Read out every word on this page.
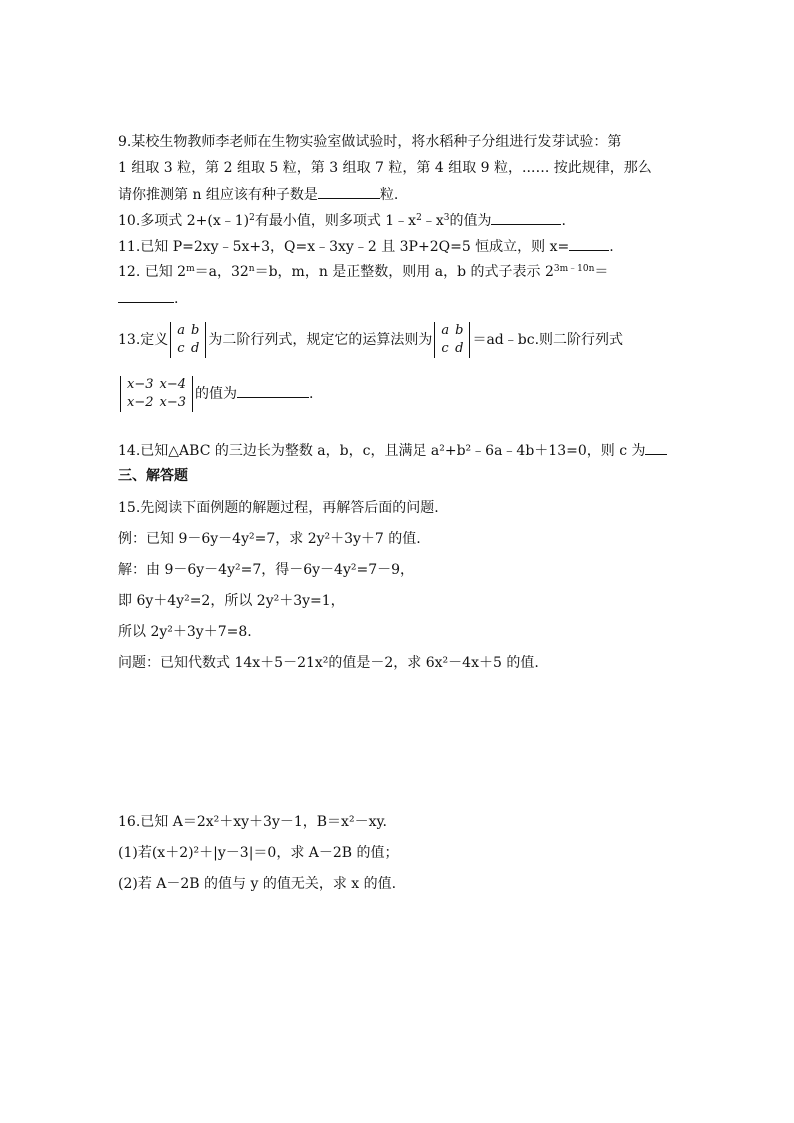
9.某校生物教师李老师在生物实验室做试验时，将水稻种子分组进行发芽试验：第
1 组取 3 粒，第 2 组取 5 粒，第 3 组取 7 粒，第 4 组取 9 粒，..…. 按此规律，那么
请你推测第 n 组应该有种子数是	粒.
10.多项式 2+(x﹣1)$^2$有最小值，则多项式 $1﹣x^2﹣x^3$的值为	.
11.已知 P=2xy﹣5x+3，Q=x﹣3xy﹣2 且 3P+2Q=5 恒成立，则 x=	.
12. 已知 $2^m=a$，$32^n=b$，m，n 是正整数，则用 a，b 的式子表示 $2^{3m﹣10n}=$
.
13.定义
a	b
c	d
为二阶行列式，规定它的运算法则为
a	b
c	d
＝ad﹣bc.则二阶行列式
x−3	x−4
x−2	x−3
的值为	.
14.已知△ABC 的三边长为整数 a，b，c，且满足 a²+b²﹣6a﹣4b＋13=0，则 c 为
三、解答题
15.先阅读下面例题的解题过程，再解答后面的问题.
例：已知 9－6y－4y²=7，求 2y²＋3y＋7 的值.
解：由 9－6y－4y²=7，得－6y－4y²=7－9，
即 6y＋4y²=2，所以 2y²＋3y=1，
所以 2y²＋3y＋7=8.
问题：已知代数式 14x＋5－21x²的值是－2，求 6x²－4x＋5 的值.
16.已知 A＝2x²＋xy＋3y－1，B＝x²－xy.
(1)若(x＋2)²＋|y－3|＝0，求 A－2B 的值；
(2)若 A－2B 的值与 y 的值无关，求 x 的值.
